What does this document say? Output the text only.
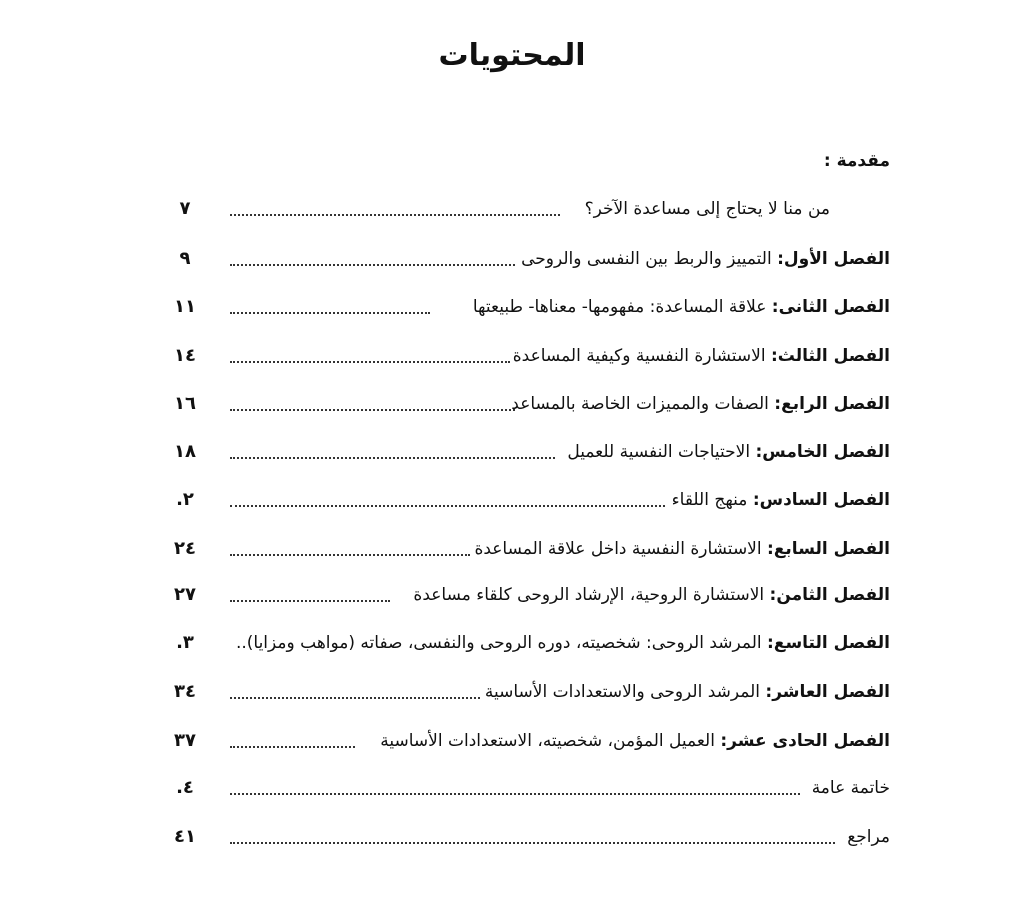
المحتويات
مقدمة :
من منا لا يحتاج إلى مساعدة الآخر؟
٧
الفصل الأول: التمييز والربط بين النفسى والروحى
٩
الفصل الثانى: علاقة المساعدة: مفهومها- معناها- طبيعتها
١١
الفصل الثالث: الاستشارة النفسية وكيفية المساعدة
١٤
الفصل الرابع: الصفات والمميزات الخاصة بالمساعد
١٦
الفصل الخامس: الاحتياجات النفسية للعميل
١٨
الفصل السادس: منهج اللقاء
٢.
الفصل السابع: الاستشارة النفسية داخل علاقة المساعدة
٢٤
الفصل الثامن: الاستشارة الروحية، الإرشاد الروحى كلقاء مساعدة
٢٧
الفصل التاسع: المرشد الروحى: شخصيته، دوره الروحى والنفسى، صفاته (مواهب ومزايا)..
٣.
الفصل العاشر: المرشد الروحى والاستعدادات الأساسية
٣٤
الفصل الحادى عشر: العميل المؤمن، شخصيته، الاستعدادات الأساسية
٣٧
خاتمة عامة
٤.
مراجع
٤١
